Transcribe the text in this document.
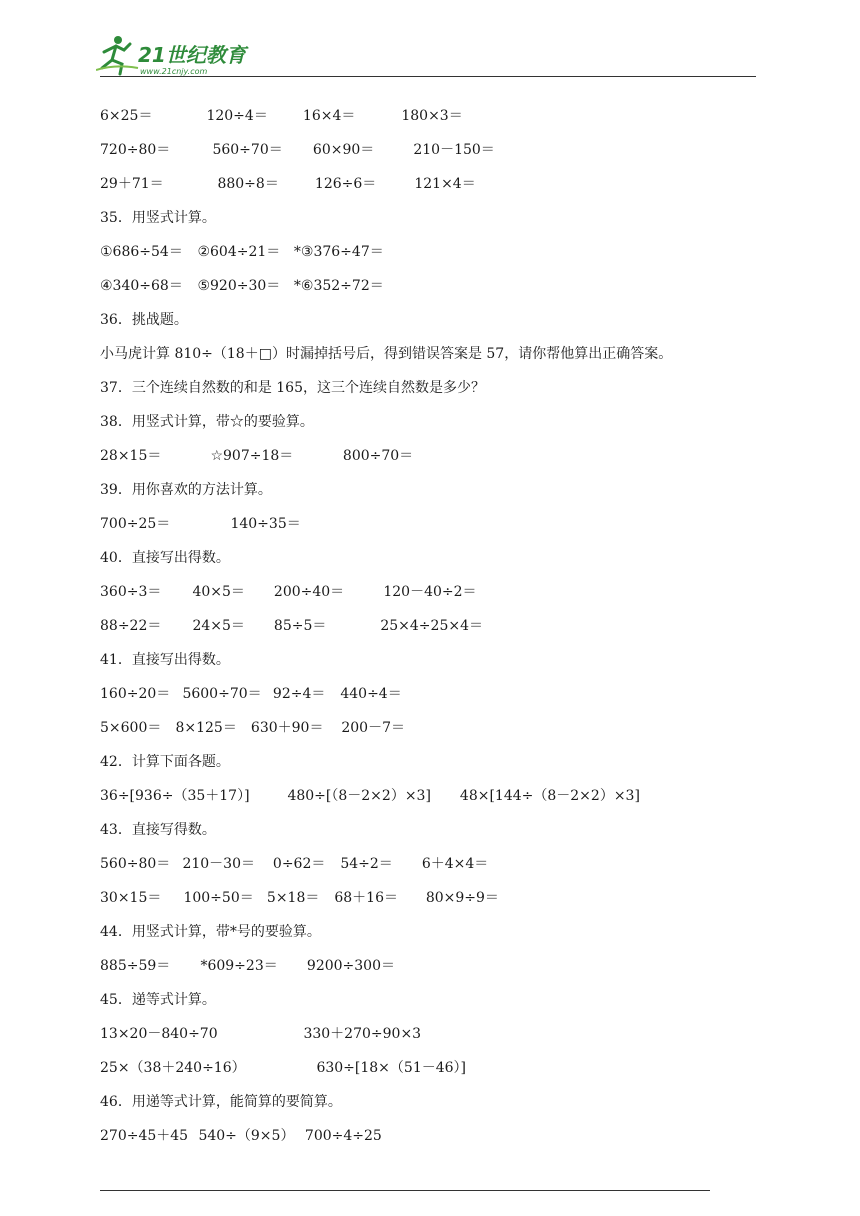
21世纪教育
www.21cnjy.com
6×25＝	120÷4＝	16×4＝	180×3＝
720÷80＝	560÷70＝ 60×90＝	210－150＝
29＋71＝	880÷8＝	126÷6＝	121×4＝
35．用竖式计算。
①686÷54＝ ②604÷21＝ *③376÷47＝
④340÷68＝ ⑤920÷30＝ *⑥352÷72＝
36．挑战题。
小马虎计算 810÷（18＋□）时漏掉括号后，得到错误答案是 57，请你帮他算出正确答案。
37．三个连续自然数的和是 165，这三个连续自然数是多少？
38．用竖式计算，带☆的要验算。
28×15＝	☆907÷18＝	800÷70＝
39．用你喜欢的方法计算。
700÷25＝	140÷35＝
40．直接写出得数。
360÷3＝ 40×5＝ 200÷40＝	120－40÷2＝
88÷22＝ 24×5＝ 85÷5＝	25×4÷25×4＝
41．直接写出得数。
160÷20＝ 5600÷70＝ 92÷4＝ 440÷4＝
5×600＝ 8×125＝ 630＋90＝ 200－7＝
42．计算下面各题。
36÷[936÷（35＋17）]	480÷[（8－2×2）×3] 48×[144÷（8－2×2）×3]
43．直接写得数。
560÷80＝ 210－30＝ 0÷62＝ 54÷2＝ 6＋4×4＝
30×15＝ 100÷50＝ 5×18＝ 68＋16＝ 80×9÷9＝
44．用竖式计算，带*号的要验算。
885÷59＝ *609÷23＝ 9200÷300＝
45．递等式计算。
13×20－840÷70	330＋270÷90×3
25×（38＋240÷16）	630÷[18×（51－46）]
46．用递等式计算，能简算的要简算。
270÷45＋45 540÷（9×5） 700÷4÷25
